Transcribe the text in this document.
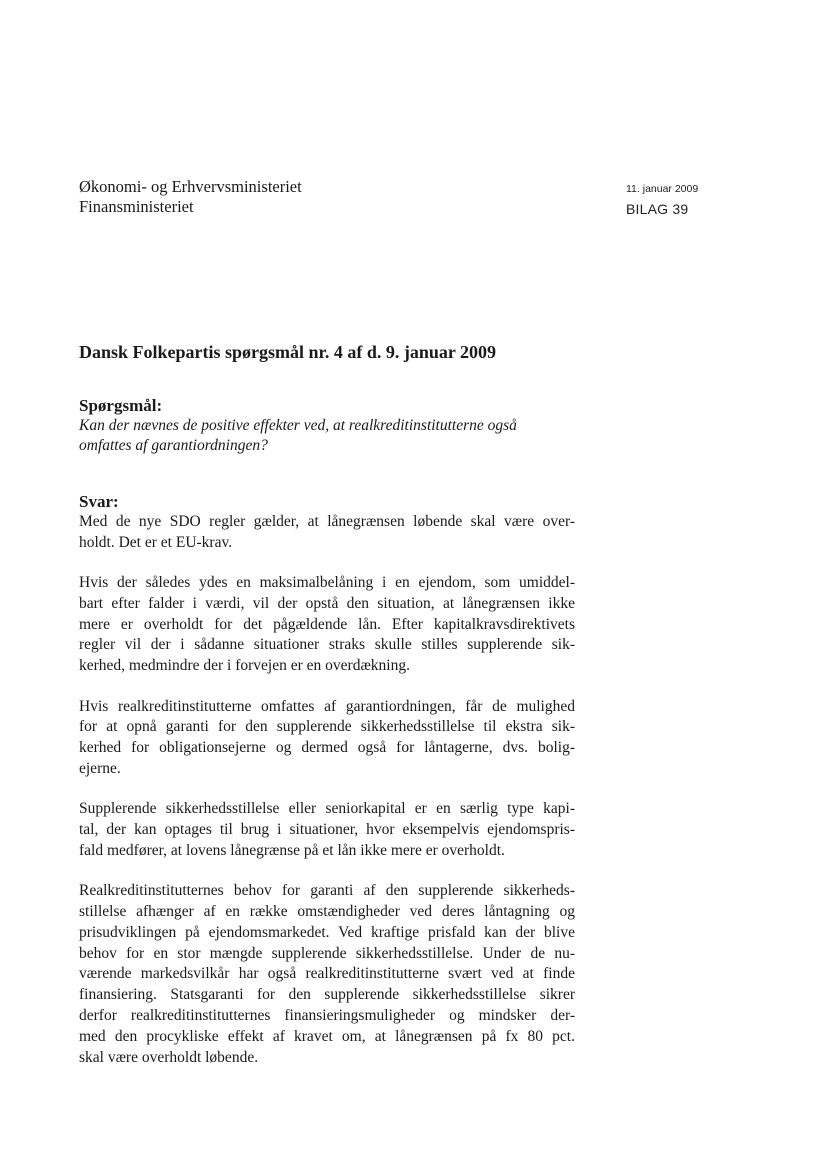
Økonomi- og Erhvervsministeriet
Finansministeriet
11. januar 2009
BILAG 39
Dansk Folkepartis spørgsmål nr. 4 af d. 9. januar 2009
Spørgsmål:
Kan der nævnes de positive effekter ved, at realkreditinstitutterne også
omfattes af garantiordningen?
Svar:
Med de nye SDO regler gælder, at lånegrænsen løbende skal være over-
holdt. Det er et EU-krav.
Hvis der således ydes en maksimalbelåning i en ejendom, som umiddel-
bart efter falder i værdi, vil der opstå den situation, at lånegrænsen ikke
mere er overholdt for det pågældende lån. Efter kapitalkravsdirektivets
regler vil der i sådanne situationer straks skulle stilles supplerende sik-
kerhed, medmindre der i forvejen er en overdækning.
Hvis realkreditinstitutterne omfattes af garantiordningen, får de mulighed
for at opnå garanti for den supplerende sikkerhedsstillelse til ekstra sik-
kerhed for obligationsejerne og dermed også for låntagerne, dvs. bolig-
ejerne.
Supplerende sikkerhedsstillelse eller seniorkapital er en særlig type kapi-
tal, der kan optages til brug i situationer, hvor eksempelvis ejendomspris-
fald medfører, at lovens lånegrænse på et lån ikke mere er overholdt.
Realkreditinstitutternes behov for garanti af den supplerende sikkerheds-
stillelse afhænger af en række omstændigheder ved deres låntagning og
prisudviklingen på ejendomsmarkedet. Ved kraftige prisfald kan der blive
behov for en stor mængde supplerende sikkerhedsstillelse. Under de nu-
værende markedsvilkår har også realkreditinstitutterne svært ved at finde
finansiering. Statsgaranti for den supplerende sikkerhedsstillelse sikrer
derfor realkreditinstitutternes finansieringsmuligheder og mindsker der-
med den procykliske effekt af kravet om, at lånegrænsen på fx 80 pct.
skal være overholdt løbende.
